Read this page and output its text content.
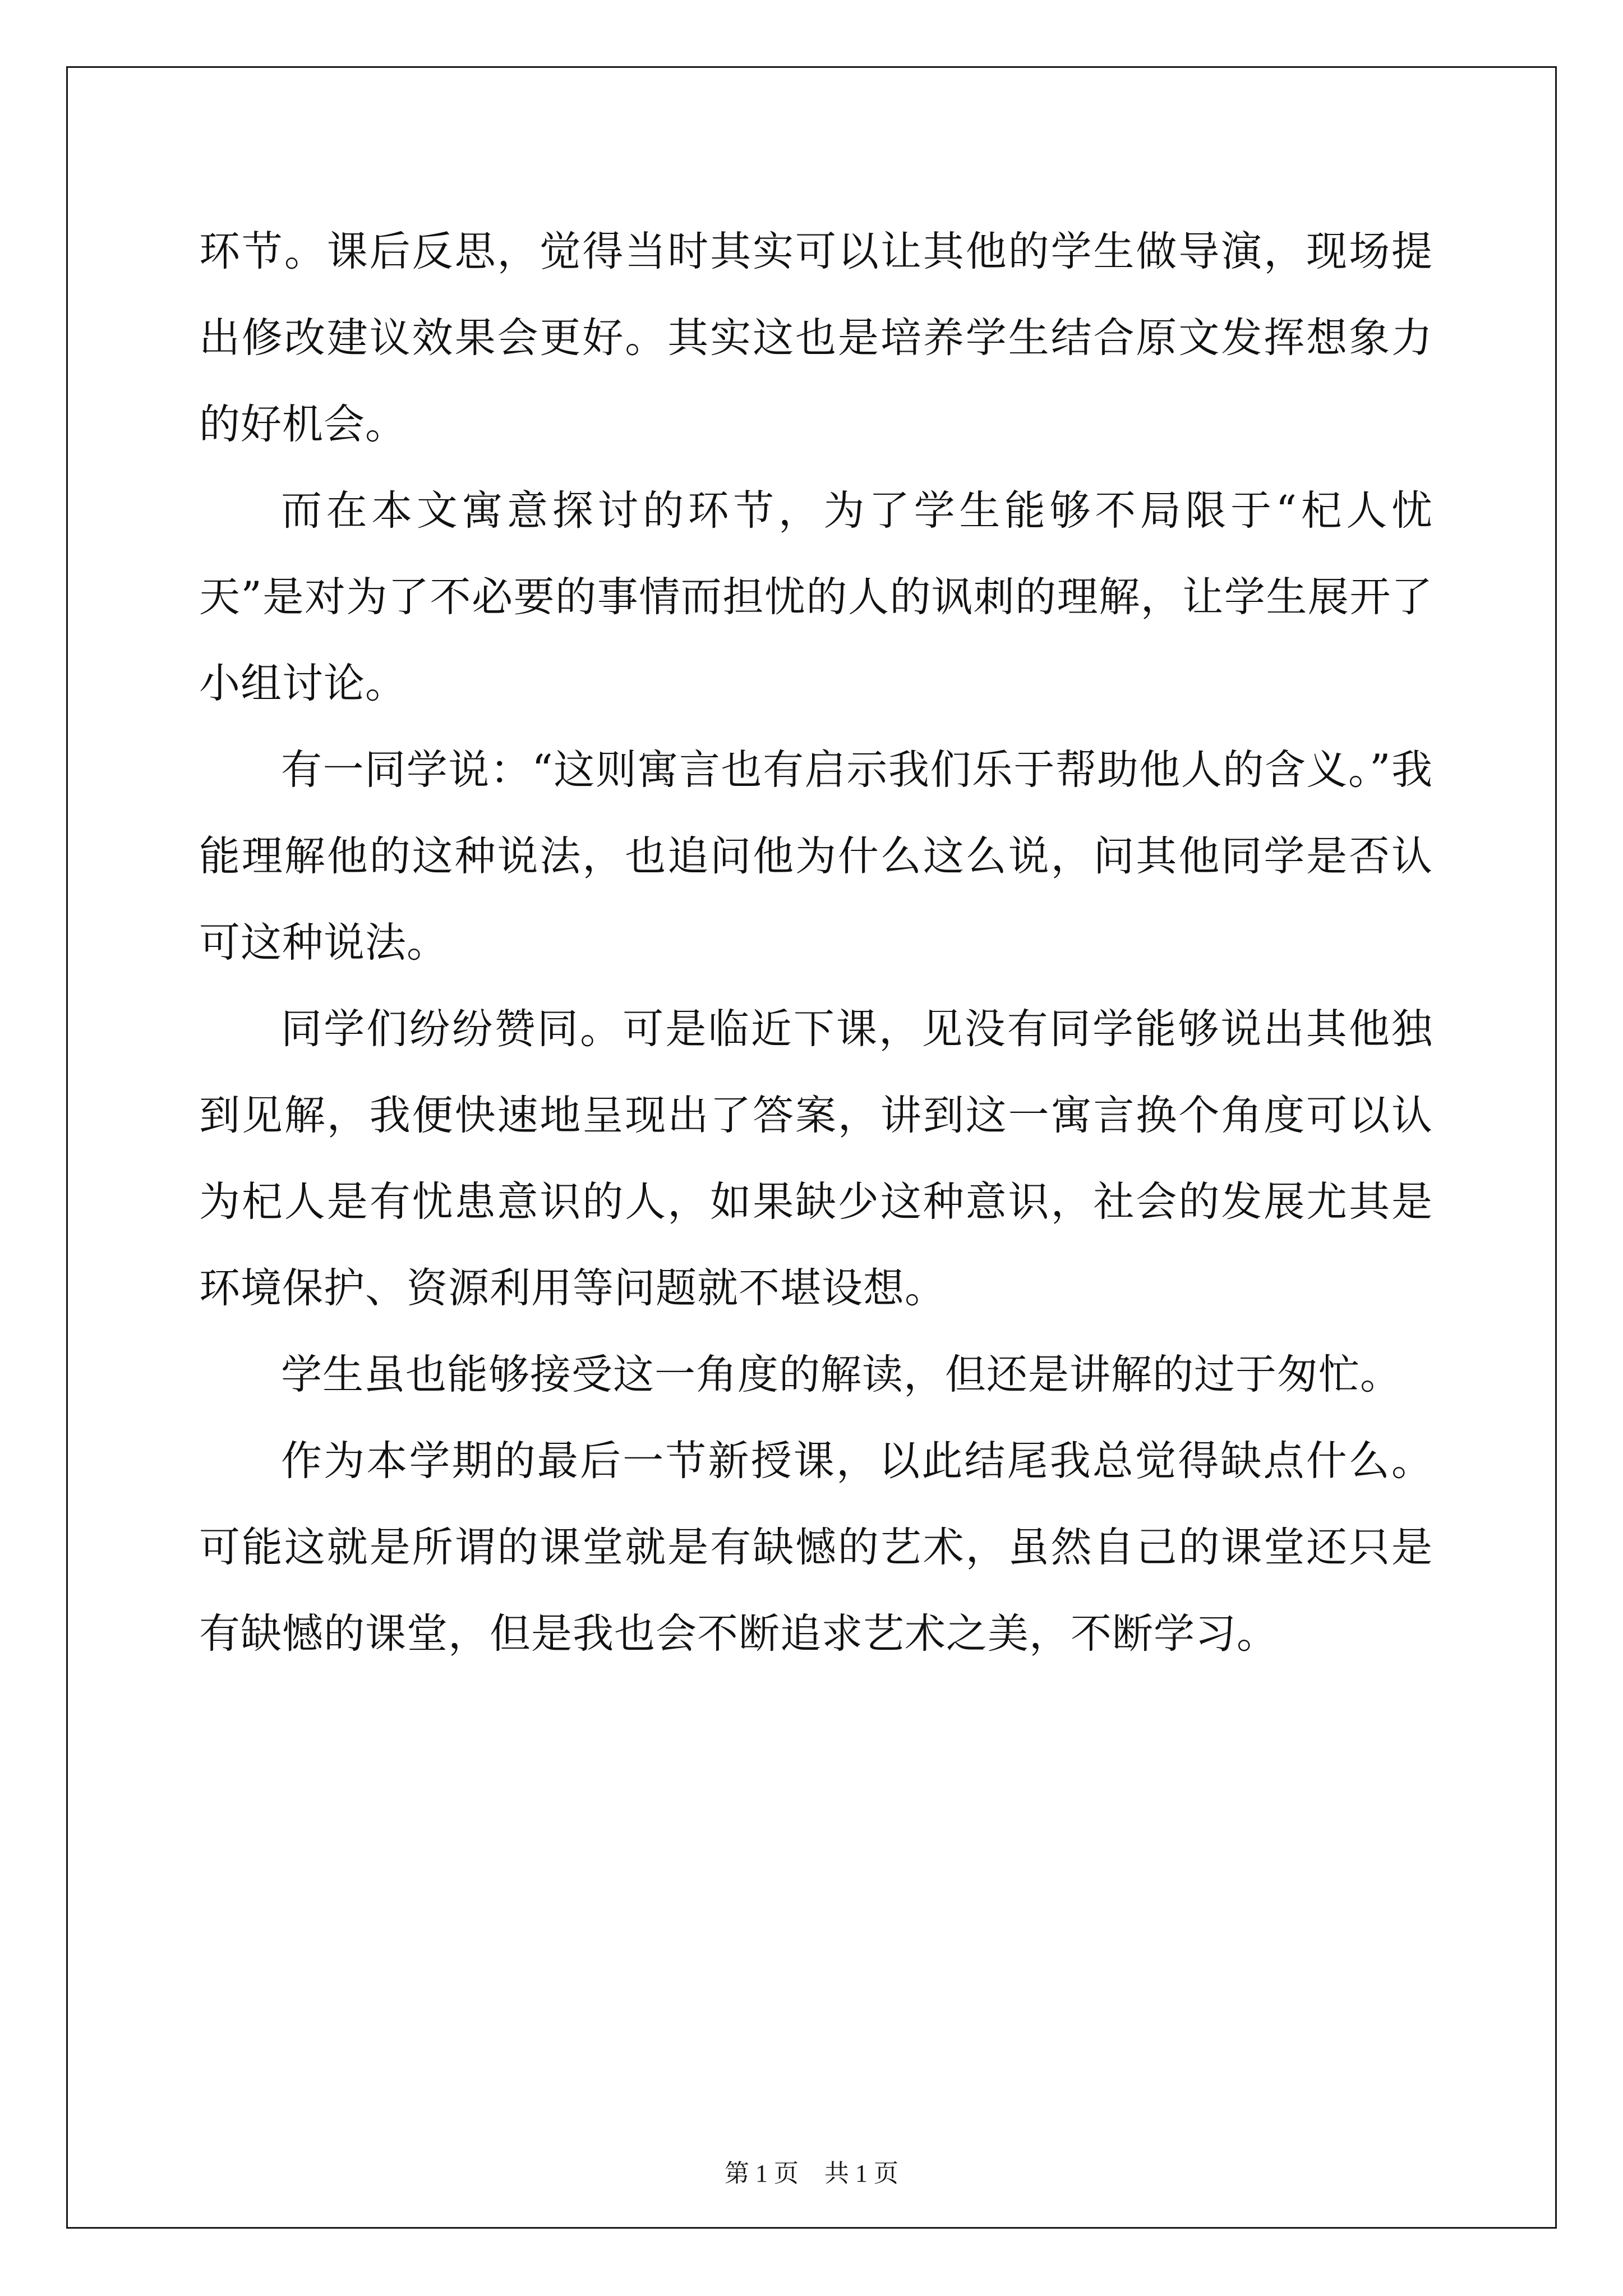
环节。课后反思，觉得当时其实可以让其他的学生做导演，现场提出修改建议效果会更好。其实这也是培养学生结合原文发挥想象力的好机会。

而在本文寓意探讨的环节，为了学生能够不局限于“杞人忧天”是对为了不必要的事情而担忧的人的讽刺的理解，让学生展开了小组讨论。

有一同学说：“这则寓言也有启示我们乐于帮助他人的含义。”我能理解他的这种说法，也追问他为什么这么说，问其他同学是否认可这种说法。

同学们纷纷赞同。可是临近下课，见没有同学能够说出其他独到见解，我便快速地呈现出了答案，讲到这一寓言换个角度可以认为杞人是有忧患意识的人，如果缺少这种意识，社会的发展尤其是环境保护、资源利用等问题就不堪设想。

学生虽也能够接受这一角度的解读，但还是讲解的过于匆忙。

作为本学期的最后一节新授课，以此结尾我总觉得缺点什么。可能这就是所谓的课堂就是有缺憾的艺术，虽然自己的课堂还只是有缺憾的课堂，但是我也会不断追求艺术之美，不断学习。

第 1 页 共 1 页
